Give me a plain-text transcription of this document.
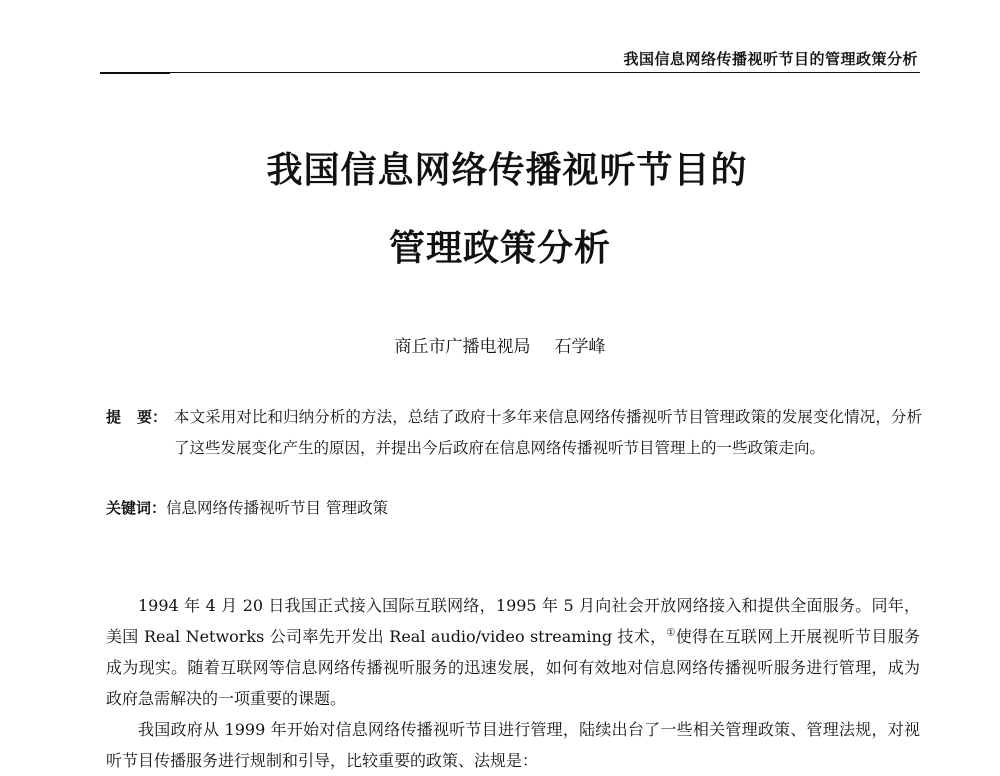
我国信息网络传播视听节目的管理政策分析
我国信息网络传播视听节目的
管理政策分析
商丘市广播电视局 石学峰
提 要： 本文采用对比和归纳分析的方法，总结了政府十多年来信息网络传播视听节目管理政策的发展变化情况，分析了这些发展变化产生的原因，并提出今后政府在信息网络传播视听节目管理上的一些政策走向。
关键词：信息网络传播视听节目 管理政策

1994 年 4 月 20 日我国正式接入国际互联网络，1995 年 5 月向社会开放网络接入和提供全面服务。同年，美国 Real Networks 公司率先开发出 Real audio/video streaming 技术，①使得在互联网上开展视听节目服务成为现实。随着互联网等信息网络传播视听服务的迅速发展，如何有效地对信息网络传播视听服务进行管理，成为政府急需解决的一项重要的课题。

我国政府从 1999 年开始对信息网络传播视听节目进行管理，陆续出台了一些相关管理政策、管理法规，对视听节目传播服务进行规制和引导，比较重要的政策、法规是：
